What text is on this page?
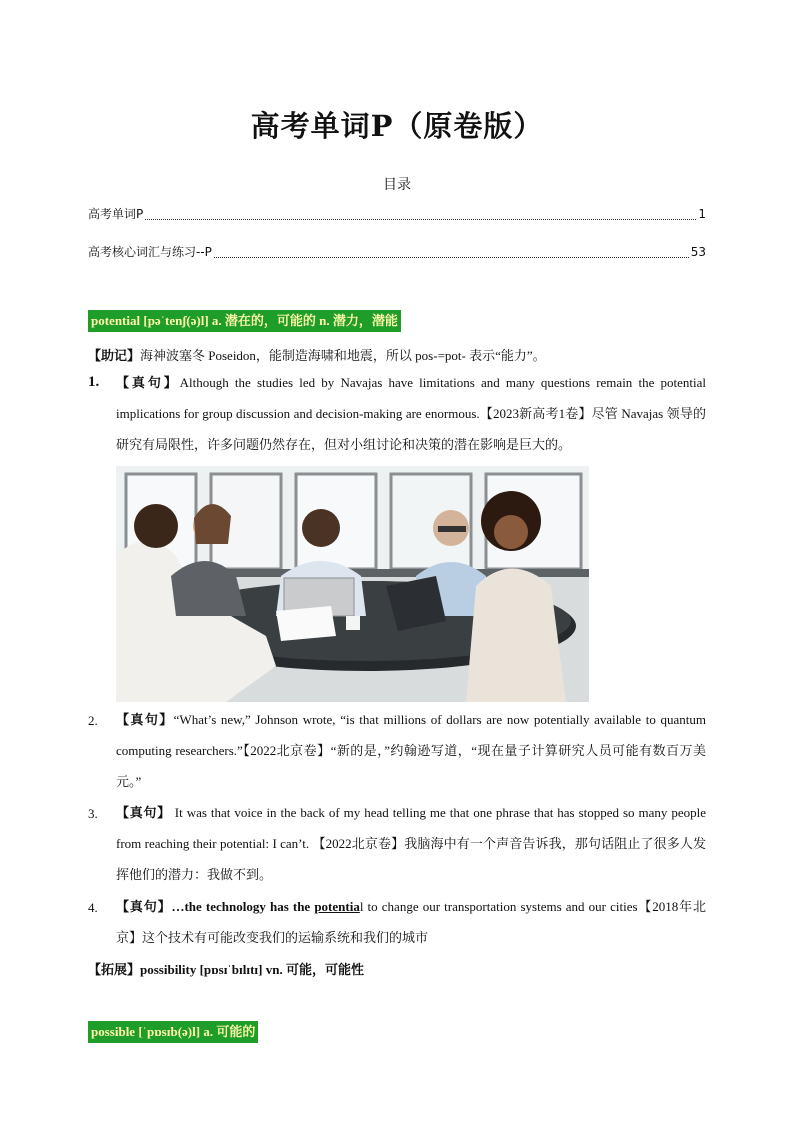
高考单词P（原卷版）
目录
高考单词P	1
高考核心词汇与练习--P	53
potential [pəˈtenʃ(ə)l] a. 潜在的，可能的 n. 潜力，潜能
【助记】海神波塞冬 Poseidon，能制造海啸和地震，所以 pos-=pot- 表示“能力”。
1. 【真句】Although the studies led by Navajas have limitations and many questions remain the potential implications for group discussion and decision-making are enormous.【2023新高考1卷】尽管 Navajas 领导的研究有局限性，许多问题仍然存在，但对小组讨论和决策的潜在影响是巨大的。
2. 【真句】“What’s new,” Johnson wrote, “is that millions of dollars are now potentially available to quantum computing researchers.”【2022北京卷】“新的是，”约翰逊写道，“现在量子计算研究人员可能有数百万美元。”
3. 【真句】 It was that voice in the back of my head telling me that one phrase that has stopped so many people from reaching their potential: I can’t. 【2022北京卷】我脑海中有一个声音告诉我，那句话阻止了很多人发挥他们的潜力：我做不到。
4. 【真句】…the technology has the potential to change our transportation systems and our cities【2018年北京】这个技术有可能改变我们的运输系统和我们的城市
【拓展】possibility [pɒsɪˈbɪlɪtɪ] vn. 可能，可能性
possible [ˈpɒsɪb(ə)l] a. 可能的
